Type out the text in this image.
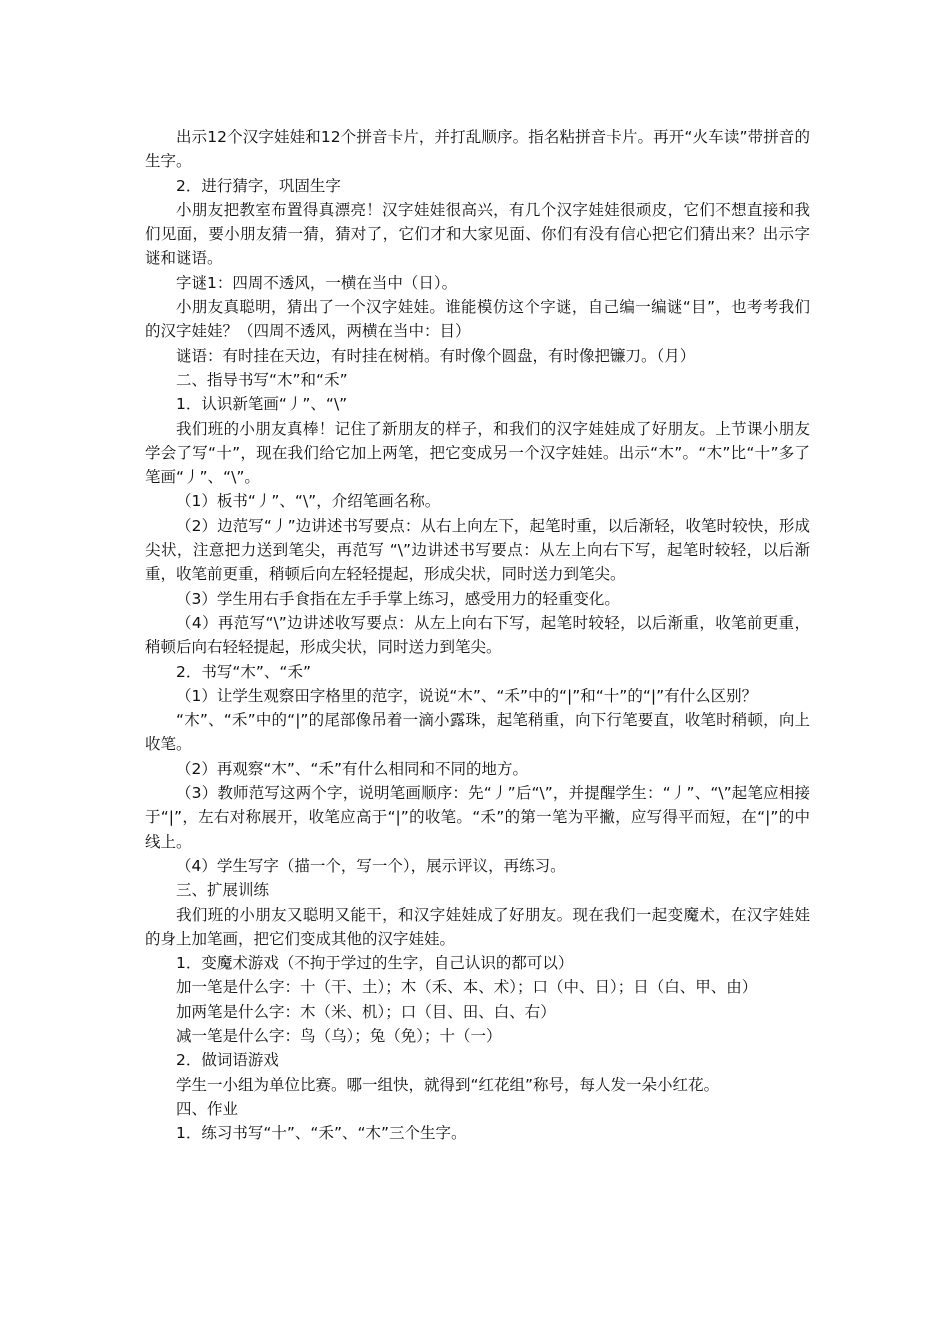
出示12个汉字娃娃和12个拼音卡片，并打乱顺序。指名粘拼音卡片。再开“火车读”带拼音的生字。

2．进行猜字，巩固生字

小朋友把教室布置得真漂亮！汉字娃娃很高兴，有几个汉字娃娃很顽皮，它们不想直接和我们见面，要小朋友猜一猜，猜对了，它们才和大家见面、你们有没有信心把它们猜出来？出示字谜和谜语。

字谜1：四周不透风，一横在当中（日）。

小朋友真聪明，猜出了一个汉字娃娃。谁能模仿这个字谜，自己编一编谜“目”，也考考我们的汉字娃娃？（四周不透风，两横在当中：目）

谜语：有时挂在天边，有时挂在树梢。有时像个圆盘，有时像把镰刀。（月）

二、指导书写“木”和“禾”

1．认识新笔画“丿”、“\”

我们班的小朋友真棒！记住了新朋友的样子，和我们的汉字娃娃成了好朋友。上节课小朋友学会了写“十”，现在我们给它加上两笔，把它变成另一个汉字娃娃。出示“木”。“木”比“十”多了笔画“丿”、“\”。

（1）板书“丿”、“\”，介绍笔画名称。

（2）边范写“丿”边讲述书写要点：从右上向左下，起笔时重，以后渐轻，收笔时较快，形成尖状，注意把力送到笔尖，再范写 “\”边讲述书写要点：从左上向右下写，起笔时较轻，以后渐重，收笔前更重，稍顿后向左轻轻提起，形成尖状，同时送力到笔尖。

（3）学生用右手食指在左手手掌上练习，感受用力的轻重变化。

（4）再范写“\”边讲述收写要点：从左上向右下写，起笔时较轻，以后渐重，收笔前更重，稍顿后向右轻轻提起，形成尖状，同时送力到笔尖。

2．书写“木”、“禾”

（1）让学生观察田字格里的范字，说说“木”、“禾”中的“|”和“十”的“|”有什么区别？

“木”、“禾”中的“|”的尾部像吊着一滴小露珠，起笔稍重，向下行笔要直，收笔时稍顿，向上收笔。

（2）再观察“木”、“禾”有什么相同和不同的地方。

（3）教师范写这两个字，说明笔画顺序：先“丿”后“\”，并提醒学生：“丿”、“\”起笔应相接于“|”，左右对称展开，收笔应高于“|”的收笔。“禾”的第一笔为平撇，应写得平而短，在“|”的中线上。

（4）学生写字（描一个，写一个），展示评议，再练习。

三、扩展训练

我们班的小朋友又聪明又能干，和汉字娃娃成了好朋友。现在我们一起变魔术，在汉字娃娃的身上加笔画，把它们变成其他的汉字娃娃。

1．变魔术游戏（不拘于学过的生字，自己认识的都可以）

加一笔是什么字：十（干、土）；木（禾、本、术）；口（中、日）；日（白、甲、由）

加两笔是什么字：木（米、机）；口（目、田、白、右）

减一笔是什么字：鸟（乌）；兔（免）；十（一）

2．做词语游戏

学生一小组为单位比赛。哪一组快，就得到“红花组”称号，每人发一朵小红花。

四、作业

1．练习书写“十”、“禾”、“木”三个生字。
